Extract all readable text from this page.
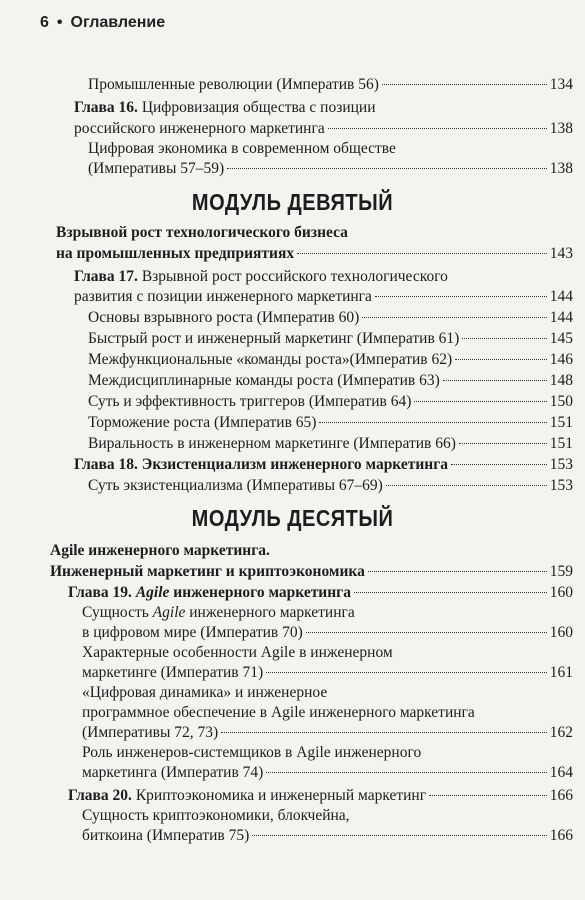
6 • Оглавление
Промышленные революции (Императив 56)	134
Глава 16. Цифровизация общества с позиции
российского инженерного маркетинга	138
Цифровая экономика в современном обществе
(Императивы 57–59)	138
МОДУЛЬ ДЕВЯТЫЙ
Взрывной рост технологического бизнеса
на промышленных предприятиях	143
Глава 17. Взрывной рост российского технологического
развития с позиции инженерного маркетинга	144
Основы взрывного роста (Императив 60)	144
Быстрый рост и инженерный маркетинг (Императив 61)	145
Межфункциональные «команды роста»(Императив 62)	146
Междисциплинарные команды роста (Императив 63)	148
Суть и эффективность триггеров (Императив 64)	150
Торможение роста (Императив 65)	151
Виральность в инженерном маркетинге (Императив 66)	151
Глава 18. Экзистенциализм инженерного маркетинга	153
Суть экзистенциализма (Императивы 67–69)	153
МОДУЛЬ ДЕСЯТЫЙ
Agile инженерного маркетинга.
Инженерный маркетинг и криптоэкономика	159
Глава 19. Agile инженерного маркетинга	160
Сущность Agile инженерного маркетинга
в цифровом мире (Императив 70)	160
Характерные особенности Agile в инженерном
маркетинге (Императив 71)	161
«Цифровая динамика» и инженерное
программное обеспечение в Agile инженерного маркетинга
(Императивы 72, 73)	162
Роль инженеров-системщиков в Agile инженерного
маркетинга (Императив 74)	164
Глава 20. Криптоэкономика и инженерный маркетинг	166
Сущность криптоэкономики, блокчейна,
биткоина (Императив 75)	166
